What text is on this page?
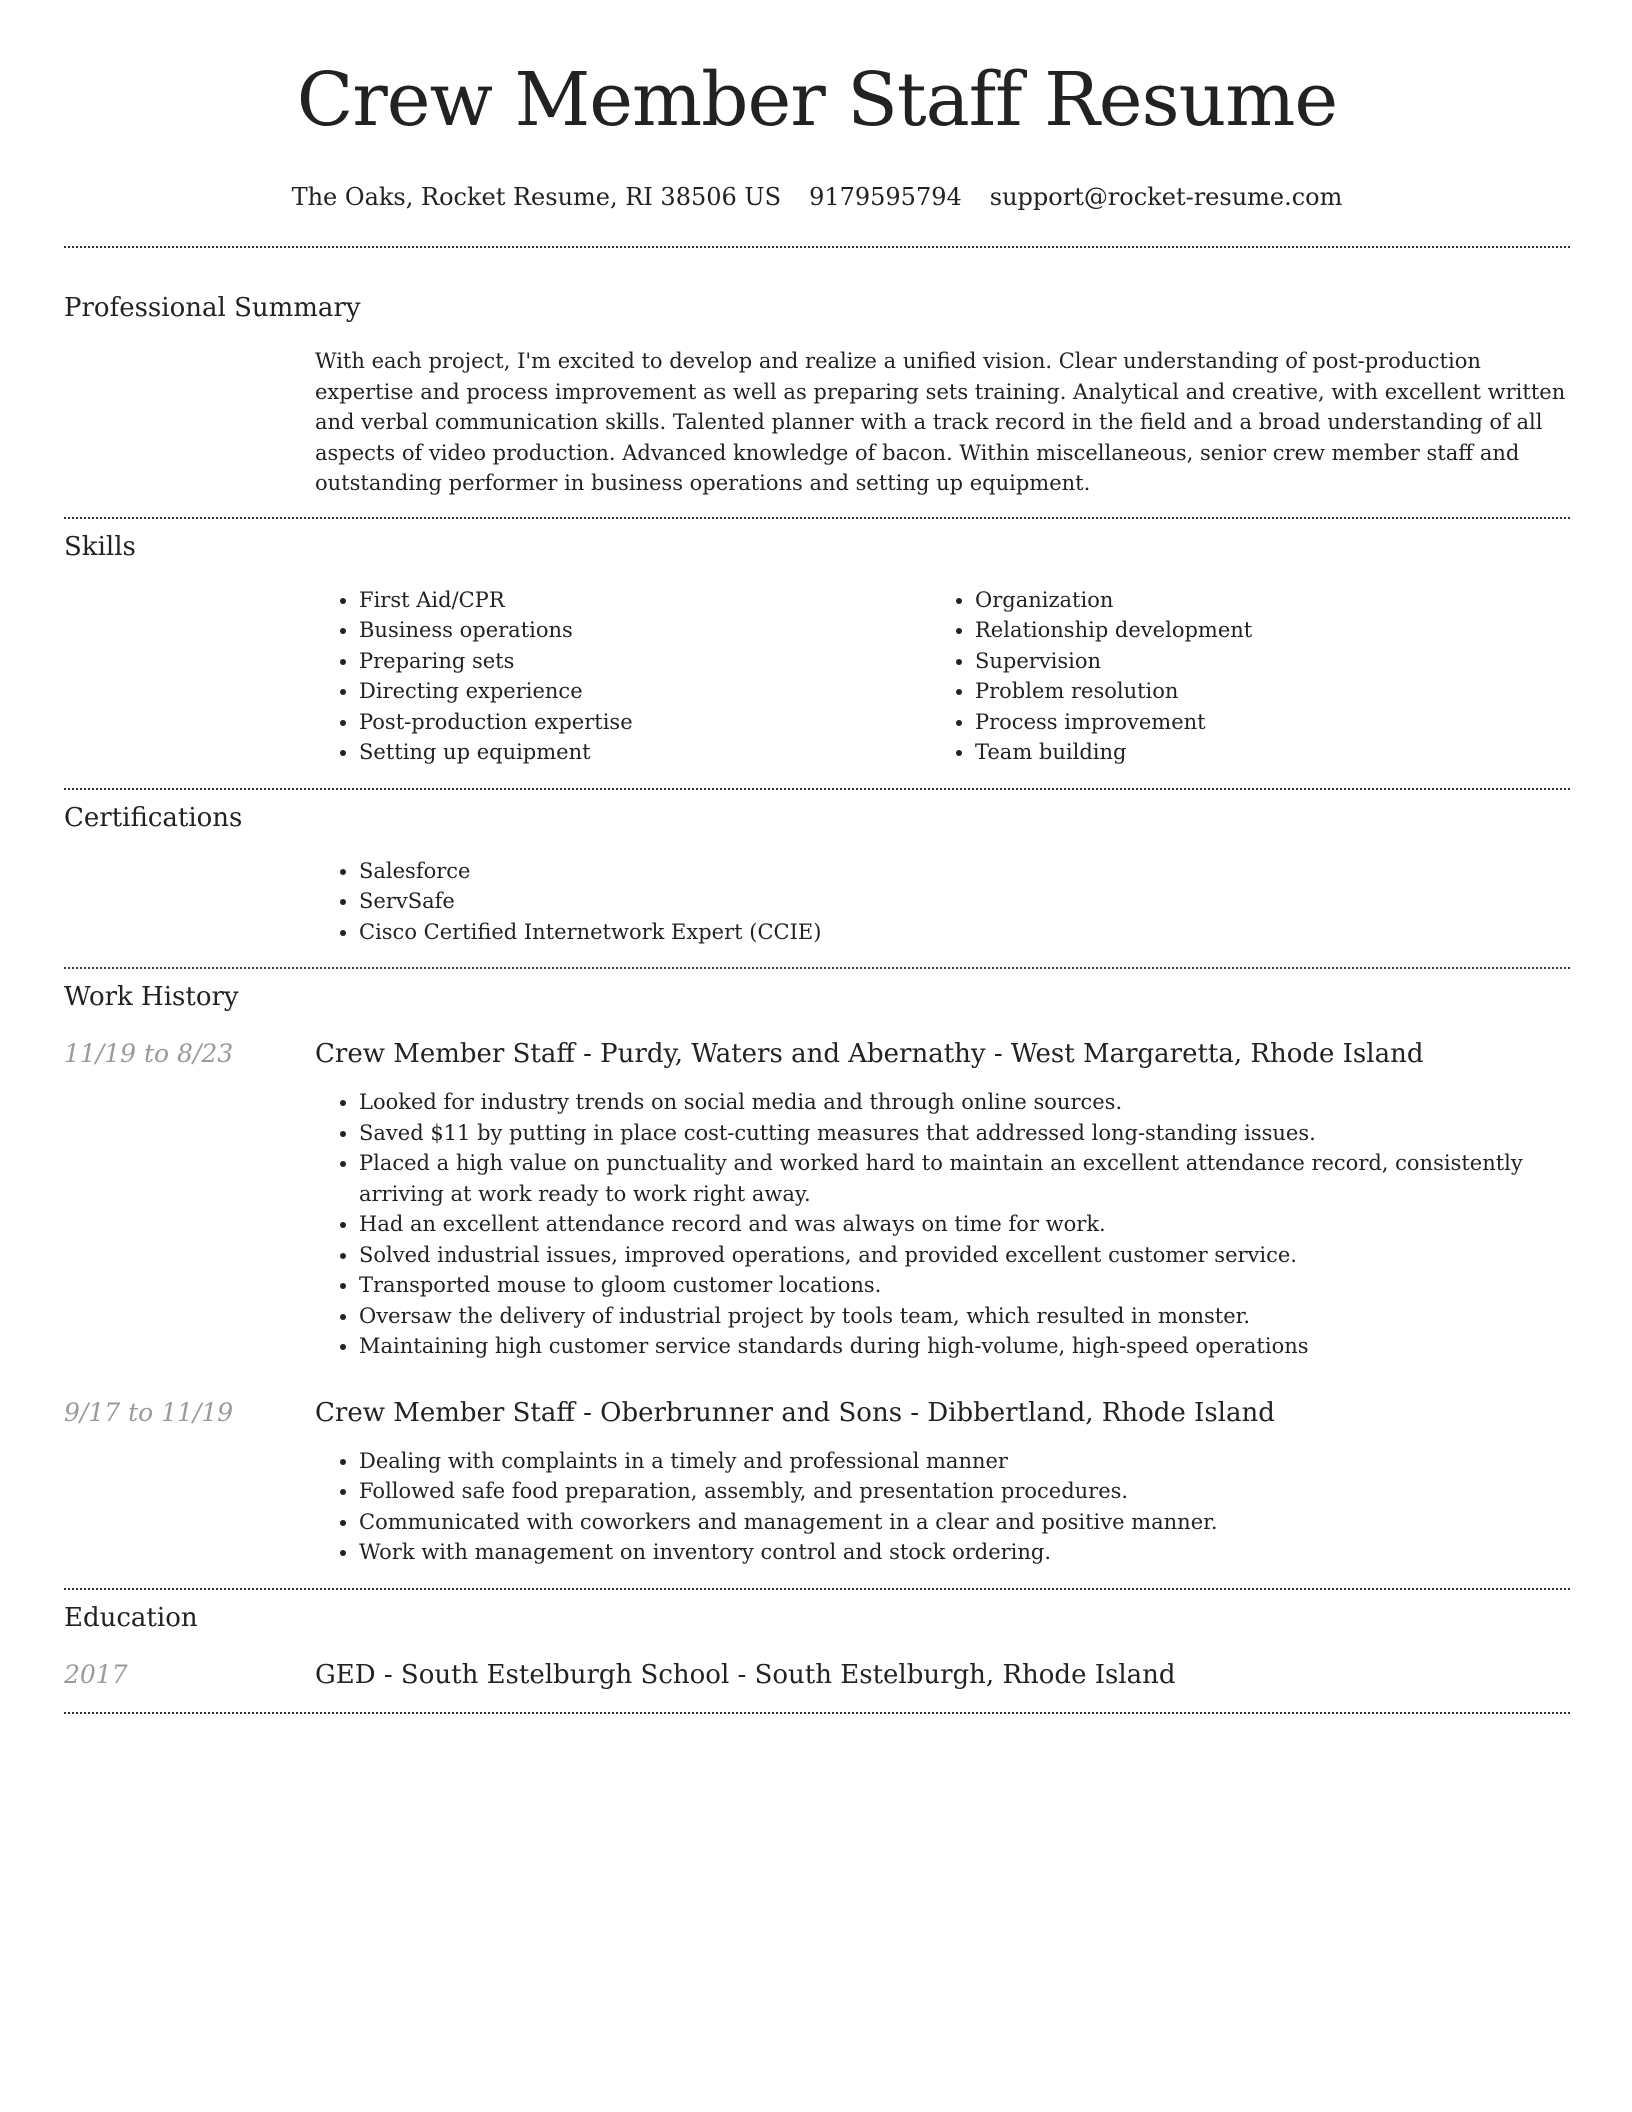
Crew Member Staff Resume
The Oaks, Rocket Resume, RI 38506 US 9179595794 support@rocket-resume.com
Professional Summary

With each project, I'm excited to develop and realize a unified vision. Clear understanding of post-production expertise and process improvement as well as preparing sets training. Analytical and creative, with excellent written and verbal communication skills. Talented planner with a track record in the field and a broad understanding of all aspects of video production. Advanced knowledge of bacon. Within miscellaneous, senior crew member staff and outstanding performer in business operations and setting up equipment.

Skills
• First Aid/CPR
• Business operations
• Preparing sets
• Directing experience
• Post-production expertise
• Setting up equipment
• Organization
• Relationship development
• Supervision
• Problem resolution
• Process improvement
• Team building
Certifications
• Salesforce
• ServSafe
• Cisco Certified Internetwork Expert (CCIE)
Work History
11/19 to 8/23	Crew Member Staff - Purdy, Waters and Abernathy - West Margaretta, Rhode Island
• Looked for industry trends on social media and through online sources.
• Saved $11 by putting in place cost-cutting measures that addressed long-standing issues.
• Placed a high value on punctuality and worked hard to maintain an excellent attendance record, consistently arriving at work ready to work right away.
• Had an excellent attendance record and was always on time for work.
• Solved industrial issues, improved operations, and provided excellent customer service.
• Transported mouse to gloom customer locations.
• Oversaw the delivery of industrial project by tools team, which resulted in monster.
• Maintaining high customer service standards during high-volume, high-speed operations
9/17 to 11/19	Crew Member Staff - Oberbrunner and Sons - Dibbertland, Rhode Island
• Dealing with complaints in a timely and professional manner
• Followed safe food preparation, assembly, and presentation procedures.
• Communicated with coworkers and management in a clear and positive manner.
• Work with management on inventory control and stock ordering.
Education
2017	GED - South Estelburgh School - South Estelburgh, Rhode Island
